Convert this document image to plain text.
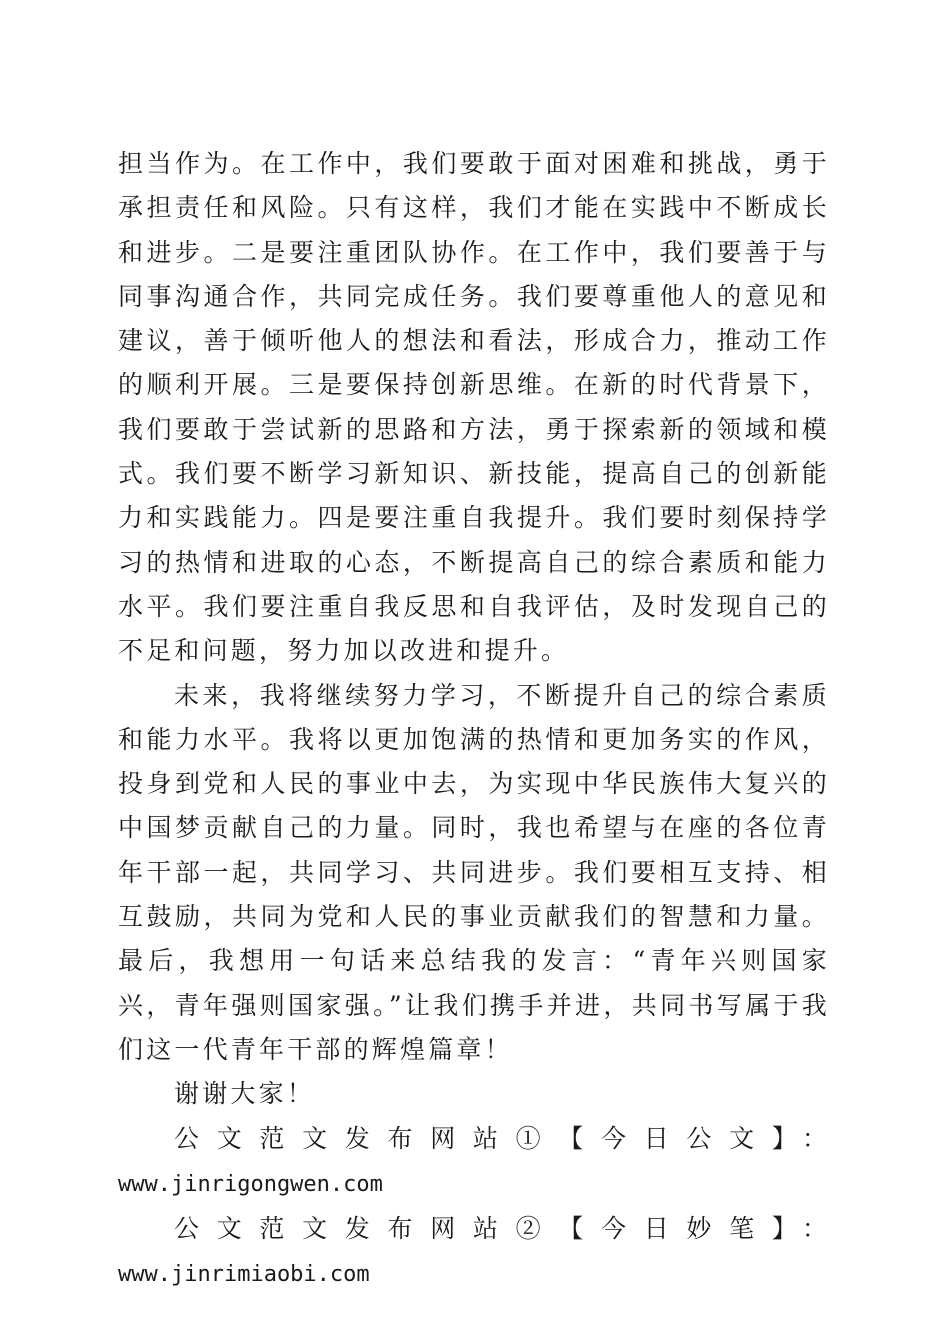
担当作为。在工作中，我们要敢于面对困难和挑战，勇于承担责任和风险。只有这样，我们才能在实践中不断成长和进步。二是要注重团队协作。在工作中，我们要善于与同事沟通合作，共同完成任务。我们要尊重他人的意见和建议，善于倾听他人的想法和看法，形成合力，推动工作的顺利开展。三是要保持创新思维。在新的时代背景下，我们要敢于尝试新的思路和方法，勇于探索新的领域和模式。我们要不断学习新知识、新技能，提高自己的创新能力和实践能力。四是要注重自我提升。我们要时刻保持学习的热情和进取的心态，不断提高自己的综合素质和能力水平。我们要注重自我反思和自我评估，及时发现自己的不足和问题，努力加以改进和提升。

未来，我将继续努力学习，不断提升自己的综合素质和能力水平。我将以更加饱满的热情和更加务实的作风，投身到党和人民的事业中去，为实现中华民族伟大复兴的中国梦贡献自己的力量。同时，我也希望与在座的各位青年干部一起，共同学习、共同进步。我们要相互支持、相互鼓励，共同为党和人民的事业贡献我们的智慧和力量。最后，我想用一句话来总结我的发言：“青年兴则国家兴，青年强则国家强。”让我们携手并进，共同书写属于我们这一代青年干部的辉煌篇章！

谢谢大家！

公文范文发布网站①【今日公文】：www.jinrigongwen.com

公文范文发布网站②【今日妙笔】：www.jinrimiaobi.com
